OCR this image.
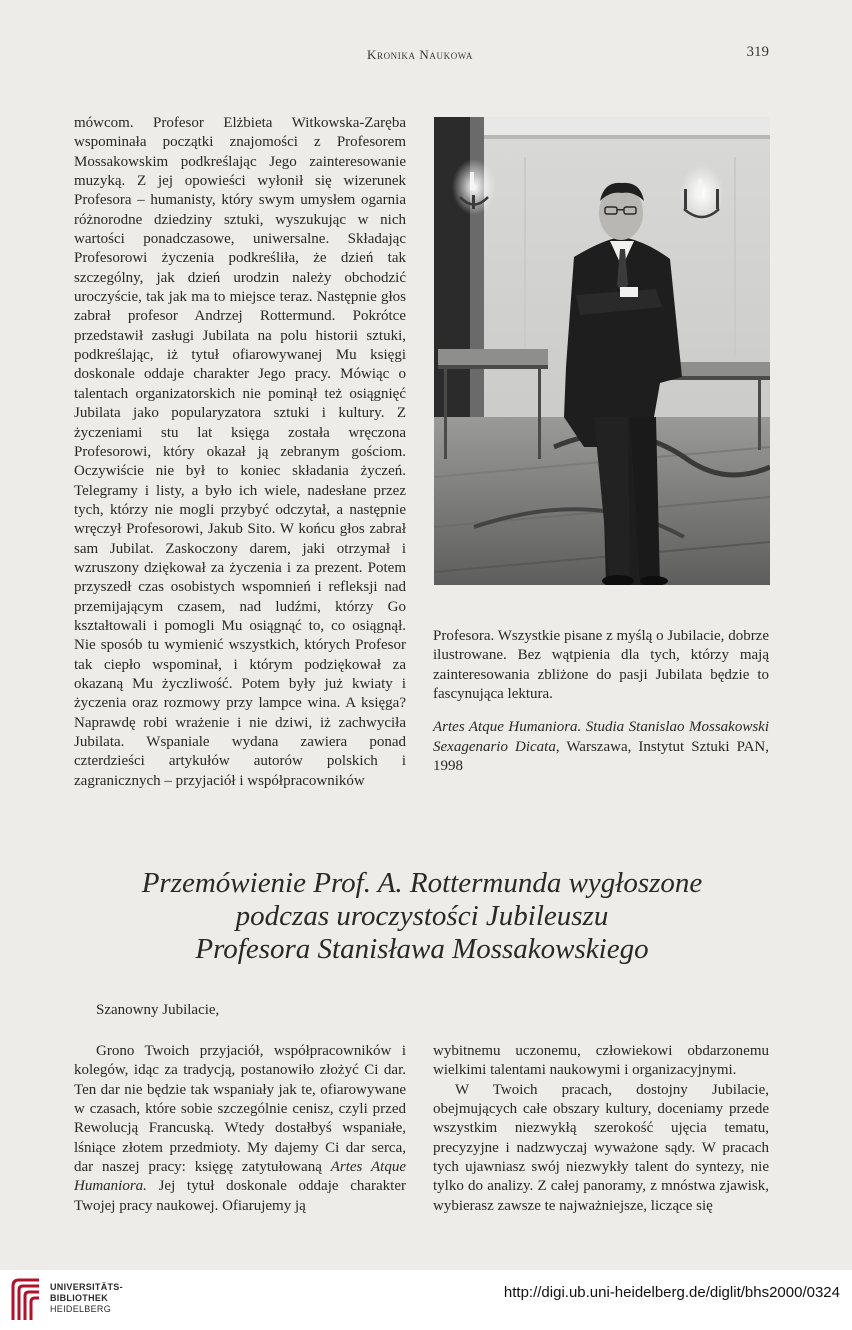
Kronika Naukowa	319

mówcom. Profesor Elżbieta Witkowska-Zaręba wspominała początki znajomości z Profesorem Mossakowskim podkreślając Jego zainteresowanie muzyką. Z jej opowieści wyłonił się wizerunek Profesora – humanisty, który swym umysłem ogarnia różnorodne dziedziny sztuki, wyszukując w nich wartości ponadczasowe, uniwersalne. Składając Profesorowi życzenia podkreśliła, że dzień tak szczególny, jak dzień urodzin należy obchodzić uroczyście, tak jak ma to miejsce teraz. Następnie głos zabrał profesor Andrzej Rottermund. Pokrótce przedstawił zasługi Jubilata na polu historii sztuki, podkreślając, iż tytuł ofiarowywanej Mu księgi doskonale oddaje charakter Jego pracy. Mówiąc o talentach organizatorskich nie pominął też osiągnięć Jubilata jako popularyzatora sztuki i kultury. Z życzeniami stu lat księga została wręczona Profesorowi, który okazał ją zebranym gościom. Oczywiście nie był to koniec składania życzeń. Telegramy i listy, a było ich wiele, nadesłane przez tych, którzy nie mogli przybyć odczytał, a następnie wręczył Profesorowi, Jakub Sito. W końcu głos zabrał sam Jubilat. Zaskoczony darem, jaki otrzymał i wzruszony dziękował za życzenia i za prezent. Potem przyszedł czas osobistych wspomnień i refleksji nad przemijającym czasem, nad ludźmi, którzy Go kształtowali i pomogli Mu osiągnąć to, co osiągnął. Nie sposób tu wymienić wszystkich, których Profesor tak ciepło wspominał, i którym podziękował za okazaną Mu życzliwość. Potem były już kwiaty i życzenia oraz rozmowy przy lampce wina. A księga? Naprawdę robi wrażenie i nie dziwi, iż zachwyciła Jubilata. Wspaniale wydana zawiera ponad czterdzieści artykułów autorów polskich i zagranicznych – przyjaciół i współpracowników

Profesora. Wszystkie pisane z myślą o Jubilacie, dobrze ilustrowane. Bez wątpienia dla tych, którzy mają zainteresowania zbliżone do pasji Jubilata będzie to fascynująca lektura.

Artes Atque Humaniora. Studia Stanislao Mossakowski Sexagenario Dicata, Warszawa, Instytut Sztuki PAN, 1998

Przemówienie Prof. A. Rottermunda wygłoszone
podczas uroczystości Jubileuszu
Profesora Stanisława Mossakowskiego
Szanowny Jubilacie,

Grono Twoich przyjaciół, współpracowników i kolegów, idąc za tradycją, postanowiło złożyć Ci dar. Ten dar nie będzie tak wspaniały jak te, ofiarowywane w czasach, które sobie szczególnie cenisz, czyli przed Rewolucją Francuską. Wtedy dostałbyś wspaniałe, lśniące złotem przedmioty. My dajemy Ci dar serca, dar naszej pracy: księgę zatytułowaną Artes Atque Humaniora. Jej tytuł doskonale oddaje charakter Twojej pracy naukowej. Ofiarujemy ją

wybitnemu uczonemu, człowiekowi obdarzonemu wielkimi talentami naukowymi i organizacyjnymi.

W Twoich pracach, dostojny Jubilacie, obejmujących całe obszary kultury, doceniamy przede wszystkim niezwykłą szerokość ujęcia tematu, precyzyjne i nadzwyczaj wyważone sądy. W pracach tych ujawniasz swój niezwykły talent do syntezy, nie tylko do analizy. Z całej panoramy, z mnóstwa zjawisk, wybierasz zawsze te najważniejsze, liczące się

UNIVERSITÄTS-
BIBLIOTHEK
HEIDELBERG
http://digi.ub.uni-heidelberg.de/diglit/bhs2000/0324
